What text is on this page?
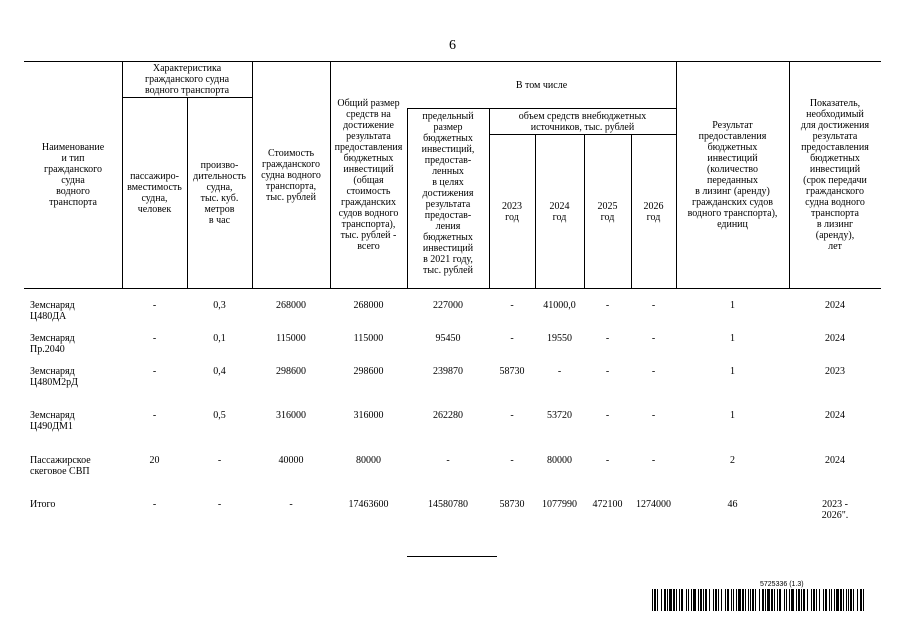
6
Наименование
и тип
гражданского
судна
водного
транспорта
Характеристика
гражданского судна
водного транспорта
пассажиро-
вместимость
судна,
человек
произво-
дительность
судна,
тыс. куб.
метров
в час
Стоимость
гражданского
судна водного
транспорта,
тыс. рублей
Общий размер
средств на
достижение
результата
предоставления
бюджетных
инвестиций
(общая
стоимость
гражданских
судов водного
транспорта),
тыс. рублей -
всего
В том числе
предельный
размер
бюджетных
инвестиций,
предостав-
ленных
в целях
достижения
результата
предостав-
ления
бюджетных
инвестиций
в 2021 году,
тыс. рублей
объем средств внебюджетных
источников, тыс. рублей
2023
год
2024
год
2025
год
2026
год
Результат
предоставления
бюджетных
инвестиций
(количество
переданных
в лизинг (аренду)
гражданских судов
водного транспорта),
единиц
Показатель,
необходимый
для достижения
результата
предоставления
бюджетных
инвестиций
(срок передачи
гражданского
судна водного
транспорта
в лизинг
(аренду),
лет
Земснаряд
Ц480ДА
-	0,3	268000	268000	227000	-	41000,0	-	-	1	2024
Земснаряд
Пр.2040
-	0,1	115000	115000	95450	-	19550	-	-	1	2024
Земснаряд
Ц480М2рД
-	0,4	298600	298600	239870	58730	-	-	-	1	2023
Земснаряд
Ц490ДМ1
-	0,5	316000	316000	262280	-	53720	-	-	1	2024
Пассажирское
скеговое СВП
20	-	40000	80000	-	-	80000	-	-	2	2024
Итого	-	-	-	17463600	14580780	58730	1077990	472100	1274000	46	2023 -
2026".
5725336 (1.3)
